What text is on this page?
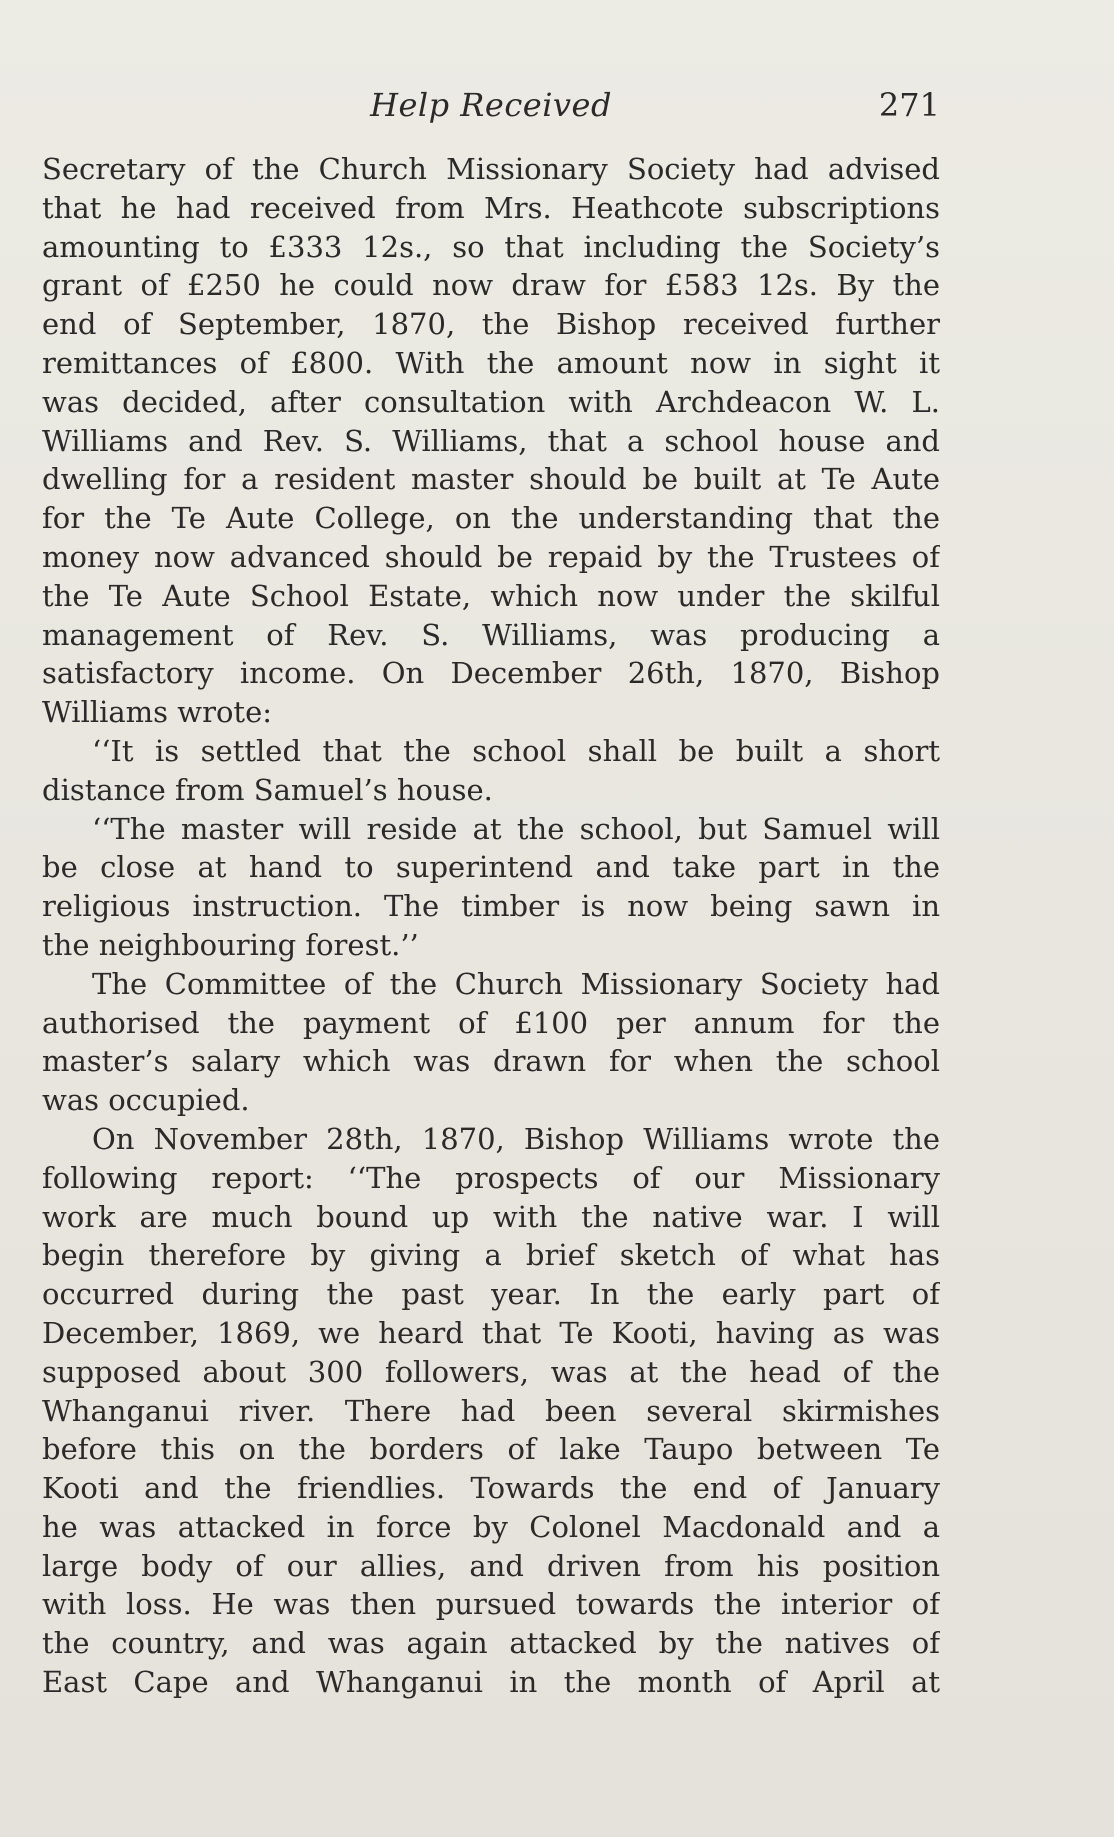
Help Received	271
Secretary of the Church Missionary Society had advised
that he had received from Mrs. Heathcote subscriptions
amounting to £333 12s., so that including the Society’s
grant of £250 he could now draw for £583 12s. By the
end of September, 1870, the Bishop received further
remittances of £800. With the amount now in sight it
was decided, after consultation with Archdeacon W. L.
Williams and Rev. S. Williams, that a school house and
dwelling for a resident master should be built at Te Aute
for the Te Aute College, on the understanding that the
money now advanced should be repaid by the Trustees of
the Te Aute School Estate, which now under the skilful
management of Rev. S. Williams, was producing a
satisfactory income. On December 26th, 1870, Bishop
Williams wrote:
‘‘It is settled that the school shall be built a short
distance from Samuel’s house.
‘‘The master will reside at the school, but Samuel will
be close at hand to superintend and take part in the
religious instruction. The timber is now being sawn in
the neighbouring forest.’’
The Committee of the Church Missionary Society had
authorised the payment of £100 per annum for the
master’s salary which was drawn for when the school
was occupied.
On November 28th, 1870, Bishop Williams wrote the
following report: ‘‘The prospects of our Missionary
work are much bound up with the native war. I will
begin therefore by giving a brief sketch of what has
occurred during the past year. In the early part of
December, 1869, we heard that Te Kooti, having as was
supposed about 300 followers, was at the head of the
Whanganui river. There had been several skirmishes
before this on the borders of lake Taupo between Te
Kooti and the friendlies. Towards the end of January
he was attacked in force by Colonel Macdonald and a
large body of our allies, and driven from his position
with loss. He was then pursued towards the interior of
the country, and was again attacked by the natives of
East Cape and Whanganui in the month of April at
